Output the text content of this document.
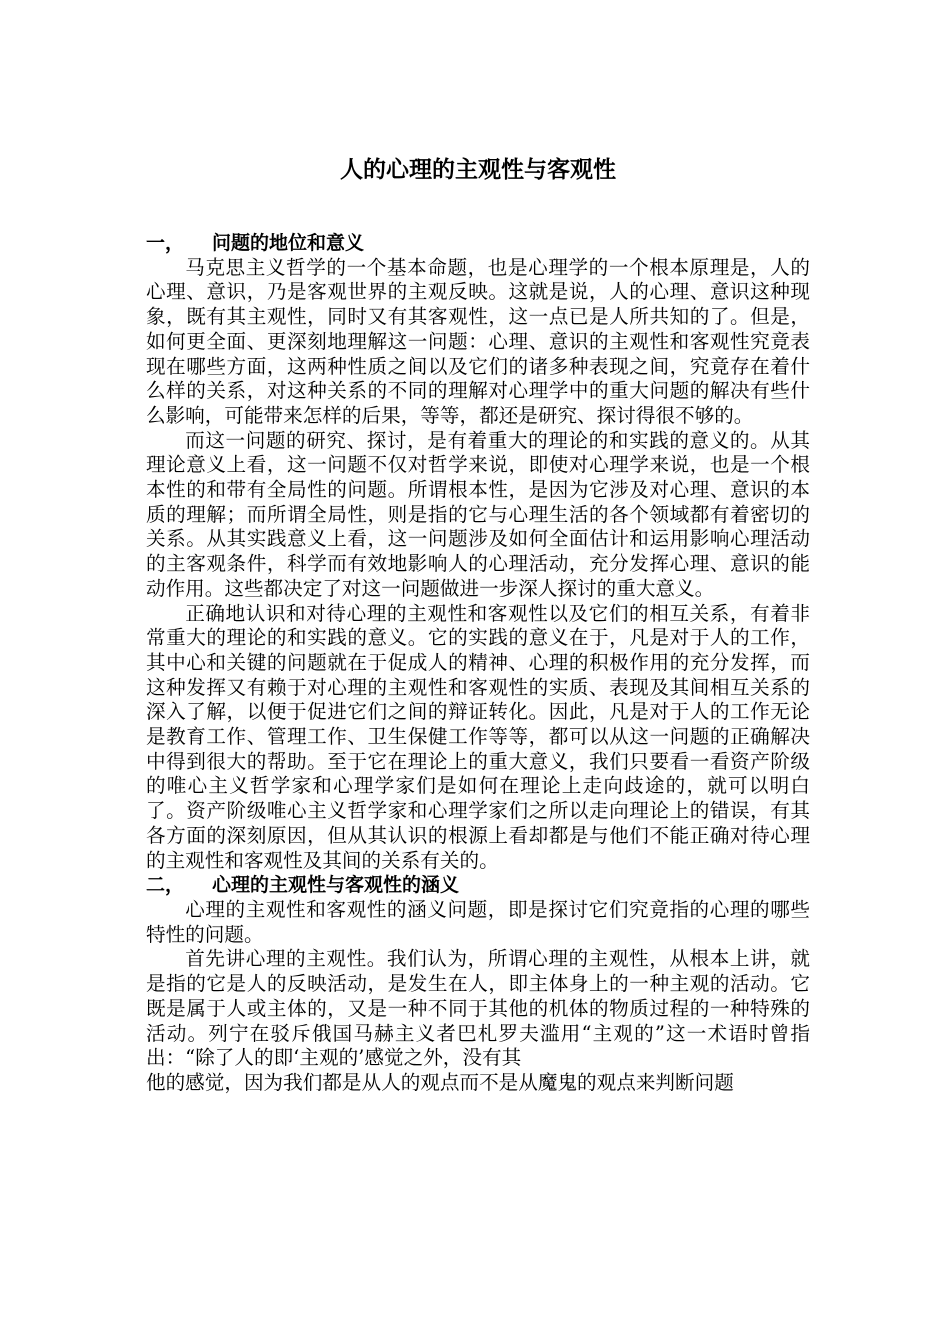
人的心理的主观性与客观性
一， 问题的地位和意义

马克思主义哲学的一个基本命题，也是心理学的一个根本原理是，人的心理、意识，乃是客观世界的主观反映。这就是说，人的心理、意识这种现象，既有其主观性，同时又有其客观性，这一点已是人所共知的了。但是，如何更全面、更深刻地理解这一问题：心理、意识的主观性和客观性究竟表现在哪些方面，这两种性质之间以及它们的诸多种表现之间，究竟存在着什么样的关系，对这种关系的不同的理解对心理学中的重大问题的解决有些什么影响，可能带来怎样的后果，等等，都还是研究、探讨得很不够的。

而这一问题的研究、探讨，是有着重大的理论的和实践的意义的。从其理论意义上看，这一问题不仅对哲学来说，即使对心理学来说，也是一个根本性的和带有全局性的问题。所谓根本性，是因为它涉及对心理、意识的本质的理解；而所谓全局性，则是指的它与心理生活的各个领域都有着密切的关系。从其实践意义上看，这一问题涉及如何全面估计和运用影响心理活动的主客观条件，科学而有效地影响人的心理活动，充分发挥心理、意识的能动作用。这些都决定了对这一问题做进一步深人探讨的重大意义。

正确地认识和对待心理的主观性和客观性以及它们的相互关系，有着非常重大的理论的和实践的意义。它的实践的意义在于，凡是对于人的工作，其中心和关键的问题就在于促成人的精神、心理的积极作用的充分发挥，而这种发挥又有赖于对心理的主观性和客观性的实质、表现及其间相互关系的深入了解，以便于促进它们之间的辩证转化。因此，凡是对于人的工作无论是教育工作、管理工作、卫生保健工作等等，都可以从这一问题的正确解决中得到很大的帮助。至于它在理论上的重大意义，我们只要看一看资产阶级的唯心主义哲学家和心理学家们是如何在理论上走向歧途的，就可以明白了。资产阶级唯心主义哲学家和心理学家们之所以走向理论上的错误，有其各方面的深刻原因，但从其认识的根源上看却都是与他们不能正确对待心理的主观性和客观性及其间的关系有关的。

二， 心理的主观性与客观性的涵义

心理的主观性和客观性的涵义问题，即是探讨它们究竟指的心理的哪些特性的问题。

首先讲心理的主观性。我们认为，所谓心理的主观性，从根本上讲，就是指的它是人的反映活动，是发生在人，即主体身上的一种主观的活动。它既是属于人或主体的，又是一种不同于其他的机体的物质过程的一种特殊的活动。列宁在驳斥俄国马赫主义者巴札罗夫滥用“主观的”这一术语时曾指出：“除了人的即‘主观的’感觉之外，没有其

他的感觉，因为我们都是从人的观点而不是从魔鬼的观点来判断问题
